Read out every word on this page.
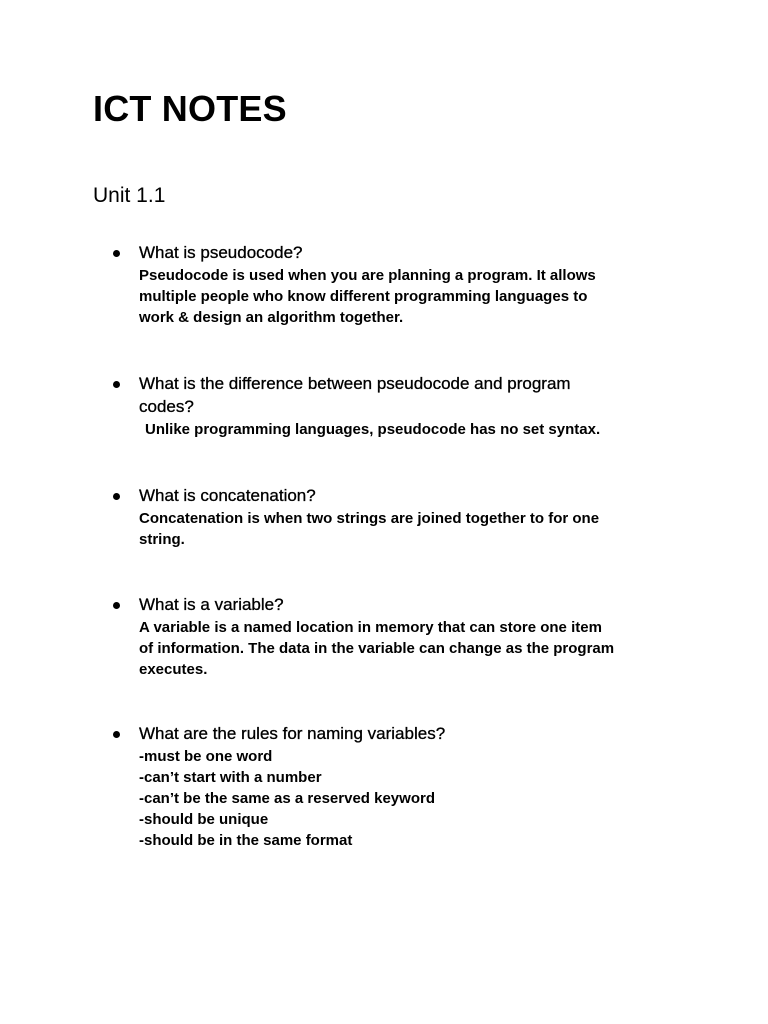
ICT NOTES
Unit 1.1

What is pseudocode?

Pseudocode is used when you are planning a program. It allows
multiple people who know different programming languages to
work & design an algorithm together.

What is the difference between pseudocode and program
codes?

Unlike programming languages, pseudocode has no set syntax.

What is concatenation?

Concatenation is when two strings are joined together to for one
string.

What is a variable?

A variable is a named location in memory that can store one item
of information. The data in the variable can change as the program
executes.

What are the rules for naming variables?

-must be one word
-can’t start with a number
-can’t be the same as a reserved keyword
-should be unique
-should be in the same format
